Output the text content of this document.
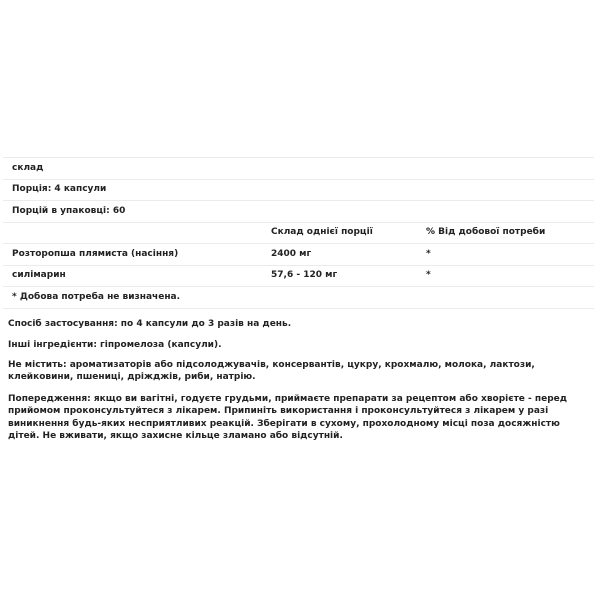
склад		
Порція: 4 капсули		
Порцій в упаковці: 60		
	Склад однієї порції	% Від добової потреби
Розторопша плямиста (насіння)	2400 мг	*
силімарин	57,6 - 120 мг	*
* Добова потреба не визначена.		

Спосіб застосування: по 4 капсули до 3 разів на день.

Інші інгредієнти: гіпромелоза (капсули).

Не містить: ароматизаторів або підсолоджувачів, консервантів, цукру, крохмалю, молока, лактози, клейковини, пшениці, дріжджів, риби, натрію.

Попередження: якщо ви вагітні, годуєте грудьми, приймаєте препарати за рецептом або хворієте - перед прийомом проконсультуйтеся з лікарем. Припиніть використання і проконсультуйтеся з лікарем у разі виникнення будь-яких несприятливих реакцій. Зберігати в сухому, прохолодному місці поза досяжністю дітей. Не вживати, якщо захисне кільце зламано або відсутній.
